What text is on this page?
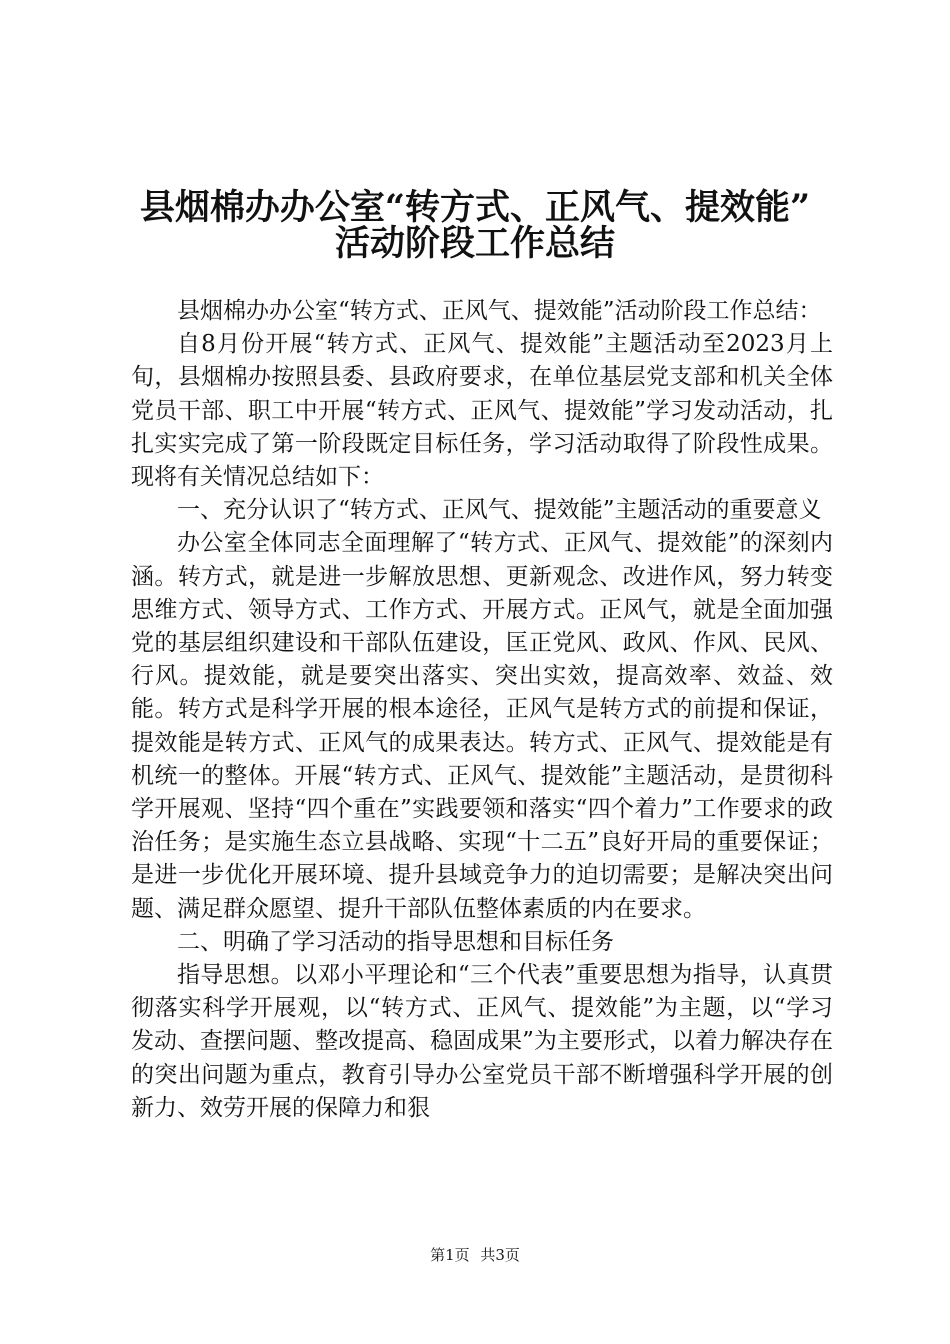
县烟棉办办公室“转方式、正风气、提效能”
活动阶段工作总结

县烟棉办办公室“转方式、正风气、提效能”活动阶段工作总结：

自8月份开展“转方式、正风气、提效能”主题活动至2023月上旬，县烟棉办按照县委、县政府要求，在单位基层党支部和机关全体党员干部、职工中开展“转方式、正风气、提效能”学习发动活动，扎扎实实完成了第一阶段既定目标任务，学习活动取得了阶段性成果。现将有关情况总结如下：

一、充分认识了“转方式、正风气、提效能”主题活动的重要意义

办公室全体同志全面理解了“转方式、正风气、提效能”的深刻内涵。转方式，就是进一步解放思想、更新观念、改进作风，努力转变思维方式、领导方式、工作方式、开展方式。正风气，就是全面加强党的基层组织建设和干部队伍建设，匡正党风、政风、作风、民风、行风。提效能，就是要突出落实、突出实效，提高效率、效益、效能。转方式是科学开展的根本途径，正风气是转方式的前提和保证，提效能是转方式、正风气的成果表达。转方式、正风气、提效能是有机统一的整体。开展“转方式、正风气、提效能”主题活动，是贯彻科学开展观、坚持“四个重在”实践要领和落实“四个着力”工作要求的政治任务；是实施生态立县战略、实现“十二五”良好开局的重要保证；是进一步优化开展环境、提升县域竞争力的迫切需要；是解决突出问题、满足群众愿望、提升干部队伍整体素质的内在要求。

二、明确了学习活动的指导思想和目标任务

指导思想。以邓小平理论和“三个代表”重要思想为指导，认真贯彻落实科学开展观，以“转方式、正风气、提效能”为主题，以“学习发动、查摆问题、整改提高、稳固成果”为主要形式，以着力解决存在的突出问题为重点，教育引导办公室党员干部不断增强科学开展的创新力、效劳开展的保障力和狠

第1页 共3页
